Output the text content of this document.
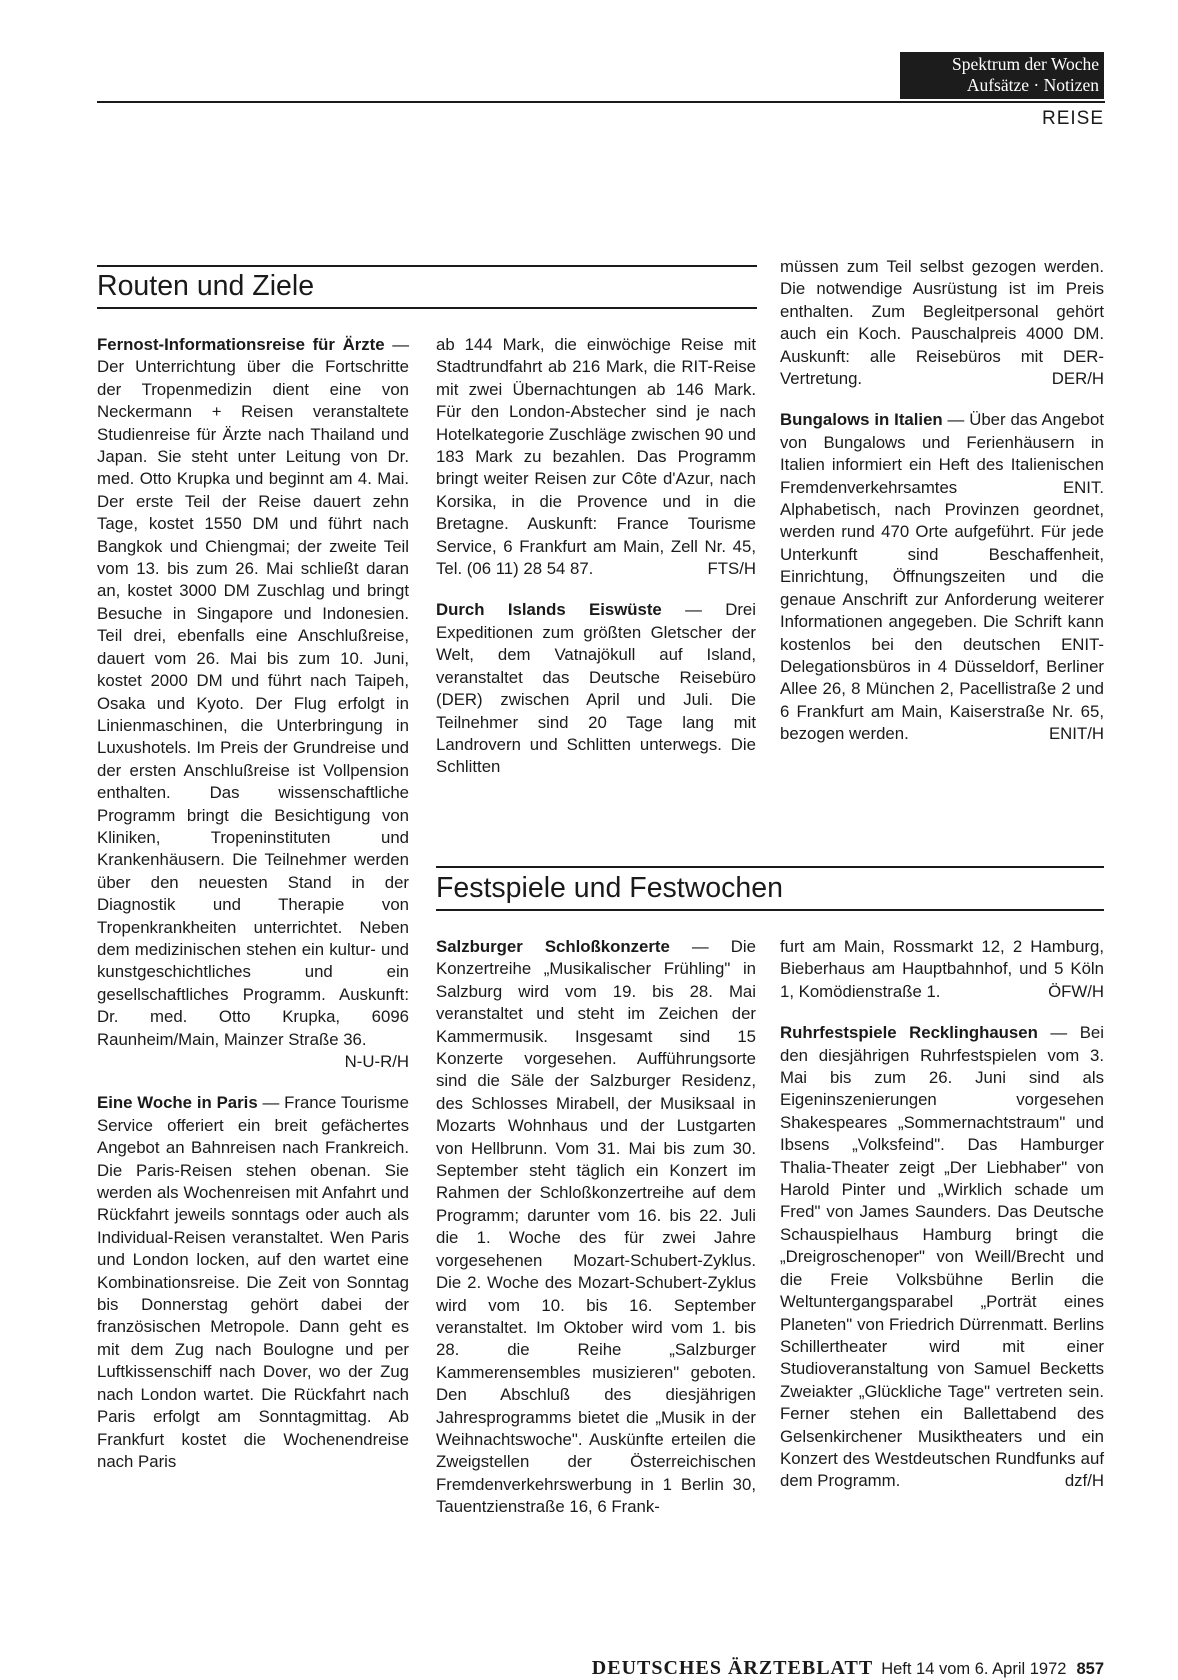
Spektrum der Woche
Aufsätze · Notizen
REISE
Routen und Ziele

Fernost-Informationsreise für Ärzte — Der Unterrichtung über die Fortschritte der Tropenmedizin dient eine von Neckermann + Reisen veranstaltete Studienreise für Ärzte nach Thailand und Japan. Sie steht unter Leitung von Dr. med. Otto Krupka und beginnt am 4. Mai. Der erste Teil der Reise dauert zehn Tage, kostet 1550 DM und führt nach Bangkok und Chiengmai; der zweite Teil vom 13. bis zum 26. Mai schließt daran an, kostet 3000 DM Zuschlag und bringt Besuche in Singapore und Indonesien. Teil drei, ebenfalls eine Anschlußreise, dauert vom 26. Mai bis zum 10. Juni, kostet 2000 DM und führt nach Taipeh, Osaka und Kyoto. Der Flug erfolgt in Linienmaschinen, die Unterbringung in Luxushotels. Im Preis der Grundreise und der ersten Anschlußreise ist Vollpension enthalten. Das wissenschaftliche Programm bringt die Besichtigung von Kliniken, Tropeninstituten und Krankenhäusern. Die Teilnehmer werden über den neuesten Stand in der Diagnostik und Therapie von Tropenkrankheiten unterrichtet. Neben dem medizinischen stehen ein kultur- und kunstgeschichtliches und ein gesellschaftliches Programm. Auskunft: Dr. med. Otto Krupka, 6096 Raunheim/Main, Mainzer Straße 36.
N-U-R/H

Eine Woche in Paris — France Tourisme Service offeriert ein breit gefächertes Angebot an Bahnreisen nach Frankreich. Die Paris-Reisen stehen obenan. Sie werden als Wochenreisen mit Anfahrt und Rückfahrt jeweils sonntags oder auch als Individual-Reisen veranstaltet. Wen Paris und London locken, auf den wartet eine Kombinationsreise. Die Zeit von Sonntag bis Donnerstag gehört dabei der französischen Metropole. Dann geht es mit dem Zug nach Boulogne und per Luftkissenschiff nach Dover, wo der Zug nach London wartet. Die Rückfahrt nach Paris erfolgt am Sonntagmittag. Ab Frankfurt kostet die Wochenendreise nach Paris

ab 144 Mark, die einwöchige Reise mit Stadtrundfahrt ab 216 Mark, die RIT-Reise mit zwei Übernachtungen ab 146 Mark. Für den London-Abstecher sind je nach Hotelkategorie Zuschläge zwischen 90 und 183 Mark zu bezahlen. Das Programm bringt weiter Reisen zur Côte d'Azur, nach Korsika, in die Provence und in die Bretagne. Auskunft: France Tourisme Service, 6 Frankfurt am Main, Zell Nr. 45, Tel. (06 11) 28 54 87.	FTS/H

Durch Islands Eiswüste — Drei Expeditionen zum größten Gletscher der Welt, dem Vatnajökull auf Island, veranstaltet das Deutsche Reisebüro (DER) zwischen April und Juli. Die Teilnehmer sind 20 Tage lang mit Landrovern und Schlitten unterwegs. Die Schlitten

müssen zum Teil selbst gezogen werden. Die notwendige Ausrüstung ist im Preis enthalten. Zum Begleitpersonal gehört auch ein Koch. Pauschalpreis 4000 DM. Auskunft: alle Reisebüros mit DER-Vertretung.	DER/H

Bungalows in Italien — Über das Angebot von Bungalows und Ferienhäusern in Italien informiert ein Heft des Italienischen Fremdenverkehrsamtes ENIT. Alphabetisch, nach Provinzen geordnet, werden rund 470 Orte aufgeführt. Für jede Unterkunft sind Beschaffenheit, Einrichtung, Öffnungszeiten und die genaue Anschrift zur Anforderung weiterer Informationen angegeben. Die Schrift kann kostenlos bei den deutschen ENIT-Delegationsbüros in 4 Düsseldorf, Berliner Allee 26, 8 München 2, Pacellistraße 2 und 6 Frankfurt am Main, Kaiserstraße Nr. 65, bezogen werden.	ENIT/H

Festspiele und Festwochen

Salzburger Schloßkonzerte — Die Konzertreihe „Musikalischer Frühling" in Salzburg wird vom 19. bis 28. Mai veranstaltet und steht im Zeichen der Kammermusik. Insgesamt sind 15 Konzerte vorgesehen. Aufführungsorte sind die Säle der Salzburger Residenz, des Schlosses Mirabell, der Musiksaal in Mozarts Wohnhaus und der Lustgarten von Hellbrunn. Vom 31. Mai bis zum 30. September steht täglich ein Konzert im Rahmen der Schloßkonzertreihe auf dem Programm; darunter vom 16. bis 22. Juli die 1. Woche des für zwei Jahre vorgesehenen Mozart-Schubert-Zyklus. Die 2. Woche des Mozart-Schubert-Zyklus wird vom 10. bis 16. September veranstaltet. Im Oktober wird vom 1. bis 28. die Reihe „Salzburger Kammerensembles musizieren" geboten. Den Abschluß des diesjährigen Jahresprogramms bietet die „Musik in der Weihnachtswoche". Auskünfte erteilen die Zweigstellen der Österreichischen Fremdenverkehrswerbung in 1 Berlin 30, Tauentzienstraße 16, 6 Frank-

furt am Main, Rossmarkt 12, 2 Hamburg, Bieberhaus am Hauptbahnhof, und 5 Köln 1, Komödienstraße 1.	ÖFW/H

Ruhrfestspiele Recklinghausen — Bei den diesjährigen Ruhrfestspielen vom 3. Mai bis zum 26. Juni sind als Eigeninszenierungen vorgesehen Shakespeares „Sommernachtstraum" und Ibsens „Volksfeind". Das Hamburger Thalia-Theater zeigt „Der Liebhaber" von Harold Pinter und „Wirklich schade um Fred" von James Saunders. Das Deutsche Schauspielhaus Hamburg bringt die „Dreigroschenoper" von Weill/Brecht und die Freie Volksbühne Berlin die Weltuntergangsparabel „Porträt eines Planeten" von Friedrich Dürrenmatt. Berlins Schillertheater wird mit einer Studioveranstaltung von Samuel Becketts Zweiakter „Glückliche Tage" vertreten sein. Ferner stehen ein Ballettabend des Gelsenkirchener Musiktheaters und ein Konzert des Westdeutschen Rundfunks auf dem Programm.	dzf/H

DEUTSCHES ÄRZTEBLATT Heft 14 vom 6. April 1972 857
